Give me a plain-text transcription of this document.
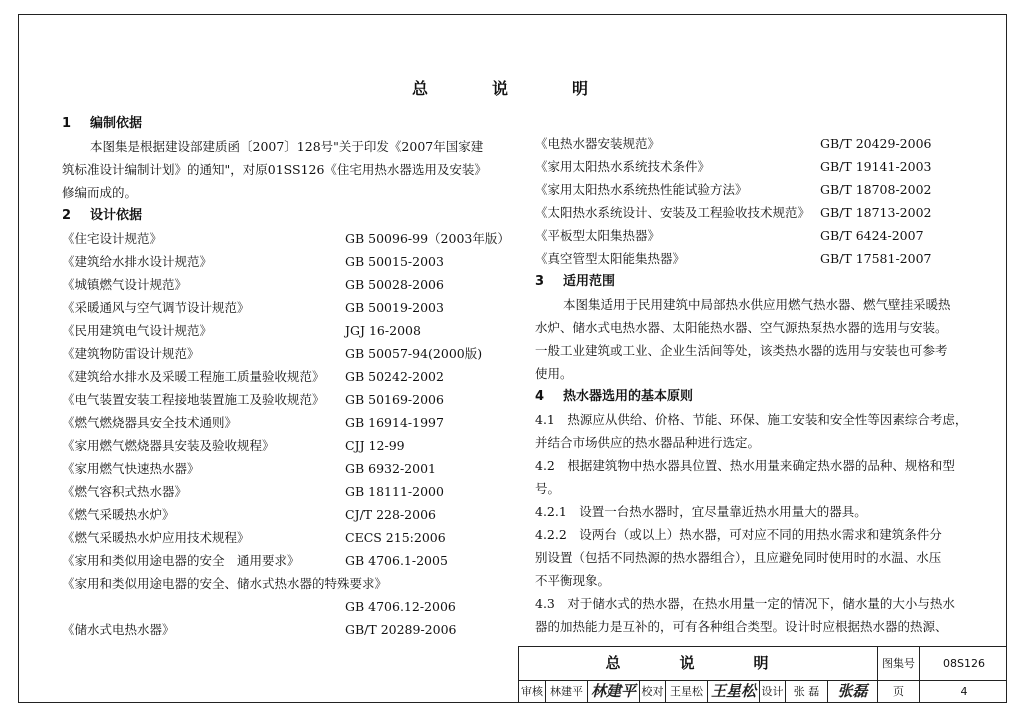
总　说　明
1 编制依据

本图集是根据建设部建质函〔2007〕128号"关于印发《2007年国家建

筑标准设计编制计划》的通知"，对原01SS126《住宅用热水器选用及安装》

修编而成的。

2 设计依据
《住宅设计规范》	GB 50096-99（2003年版）
《建筑给水排水设计规范》	GB 50015-2003
《城镇燃气设计规范》	GB 50028-2006
《采暖通风与空气调节设计规范》	GB 50019-2003
《民用建筑电气设计规范》	JGJ 16-2008
《建筑物防雷设计规范》	GB 50057-94(2000版)
《建筑给水排水及采暖工程施工质量验收规范》	GB 50242-2002
《电气装置安装工程接地装置施工及验收规范》	GB 50169-2006
《燃气燃烧器具安全技术通则》	GB 16914-1997
《家用燃气燃烧器具安装及验收规程》	CJJ 12-99
《家用燃气快速热水器》	GB 6932-2001
《燃气容积式热水器》	GB 18111-2000
《燃气采暖热水炉》	CJ/T 228-2006
《燃气采暖热水炉应用技术规程》	CECS 215:2006
《家用和类似用途电器的安全　通用要求》	GB 4706.1-2005
《家用和类似用途电器的安全、储水式热水器的特殊要求》
GB 4706.12-2006
《储水式电热水器》	GB/T 20289-2006
《电热水器安装规范》	GB/T 20429-2006
《家用太阳热水系统技术条件》	GB/T 19141-2003
《家用太阳热水系统热性能试验方法》	GB/T 18708-2002
《太阳热水系统设计、安装及工程验收技术规范》 GB/T 18713-2002
《平板型太阳集热器》	GB/T 6424-2007
《真空管型太阳能集热器》	GB/T 17581-2007
3 适用范围

本图集适用于民用建筑中局部热水供应用燃气热水器、燃气壁挂采暖热

水炉、储水式电热水器、太阳能热水器、空气源热泵热水器的选用与安装。

一般工业建筑或工业、企业生活间等处，该类热水器的选用与安装也可参考

使用。

4 热水器选用的基本原则

4.1　热源应从供给、价格、节能、环保、施工安装和安全性等因素综合考虑，

并结合市场供应的热水器品种进行选定。

4.2　根据建筑物中热水器具位置、热水用量来确定热水器的品种、规格和型

号。

4.2.1　设置一台热水器时，宜尽量靠近热水用量大的器具。

4.2.2　设两台（或以上）热水器，可对应不同的用热水需求和建筑条件分

别设置（包括不同热源的热水器组合），且应避免同时使用时的水温、水压

不平衡现象。

4.3　对于储水式的热水器，在热水用量一定的情况下，储水量的大小与热水

器的加热能力是互补的，可有各种组合类型。设计时应根据热水器的热源、

总　说　明	图集号	08S126
审核 林建平 林建平 校对 王星松 王星松 设计 张 磊	张磊	页	4
